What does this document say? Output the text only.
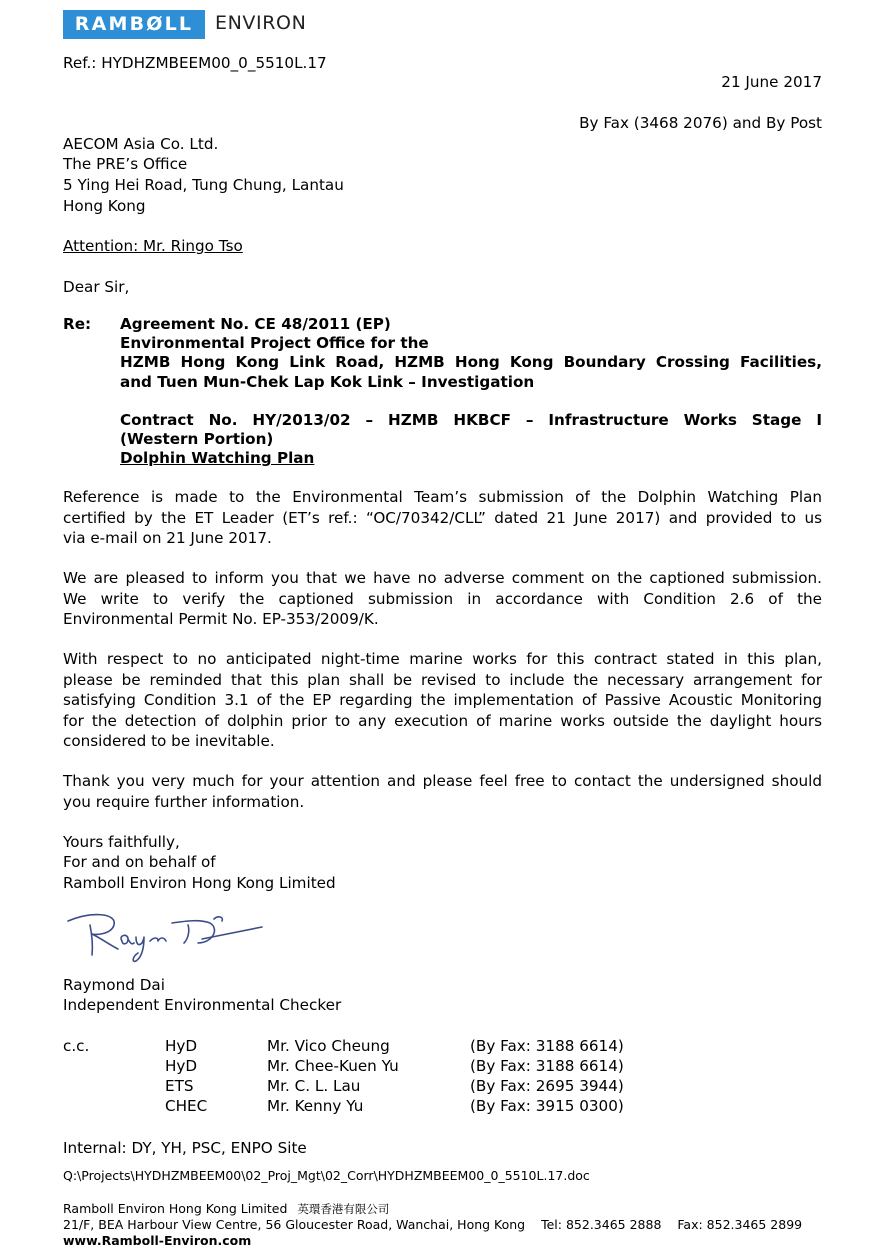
RAMBØLL	ENVIRON
Ref.: HYDHZMBEEM00_0_5510L.17
21 June 2017
By Fax (3468 2076) and By Post
AECOM Asia Co. Ltd.
The PRE’s Office
5 Ying Hei Road, Tung Chung, Lantau
Hong Kong
Attention: Mr. Ringo Tso
Dear Sir,
Re: Agreement No. CE 48/2011 (EP)
Environmental Project Office for the
HZMB Hong Kong Link Road, HZMB Hong Kong Boundary Crossing Facilities,
and Tuen Mun-Chek Lap Kok Link – Investigation
Contract No. HY/2013/02 – HZMB HKBCF – Infrastructure Works Stage I
(Western Portion)
Dolphin Watching Plan
Reference is made to the Environmental Team’s submission of the Dolphin Watching Plan
certified by the ET Leader (ET’s ref.: “OC/70342/CLL” dated 21 June 2017) and provided to us
via e-mail on 21 June 2017.
We are pleased to inform you that we have no adverse comment on the captioned submission.
We write to verify the captioned submission in accordance with Condition 2.6 of the
Environmental Permit No. EP-353/2009/K.
With respect to no anticipated night-time marine works for this contract stated in this plan,
please be reminded that this plan shall be revised to include the necessary arrangement for
satisfying Condition 3.1 of the EP regarding the implementation of Passive Acoustic Monitoring
for the detection of dolphin prior to any execution of marine works outside the daylight hours
considered to be inevitable.
Thank you very much for your attention and please feel free to contact the undersigned should
you require further information.
Yours faithfully,
For and on behalf of
Ramboll Environ Hong Kong Limited
Raymond Dai
Independent Environmental Checker
c.c.	HyD	Mr. Vico Cheung	(By Fax: 3188 6614)
HyD	Mr. Chee-Kuen Yu	(By Fax: 3188 6614)
ETS	Mr. C. L. Lau	(By Fax: 2695 3944)
CHEC	Mr. Kenny Yu	(By Fax: 3915 0300)
Internal: DY, YH, PSC, ENPO Site
Q:\Projects\HYDHZMBEEM00\02_Proj_Mgt\02_Corr\HYDHZMBEEM00_0_5510L.17.doc
Ramboll Environ Hong Kong Limited 英環香港有限公司
21/F, BEA Harbour View Centre, 56 Gloucester Road, Wanchai, Hong Kong Tel: 852.3465 2888 Fax: 852.3465 2899
www.Ramboll-Environ.com
